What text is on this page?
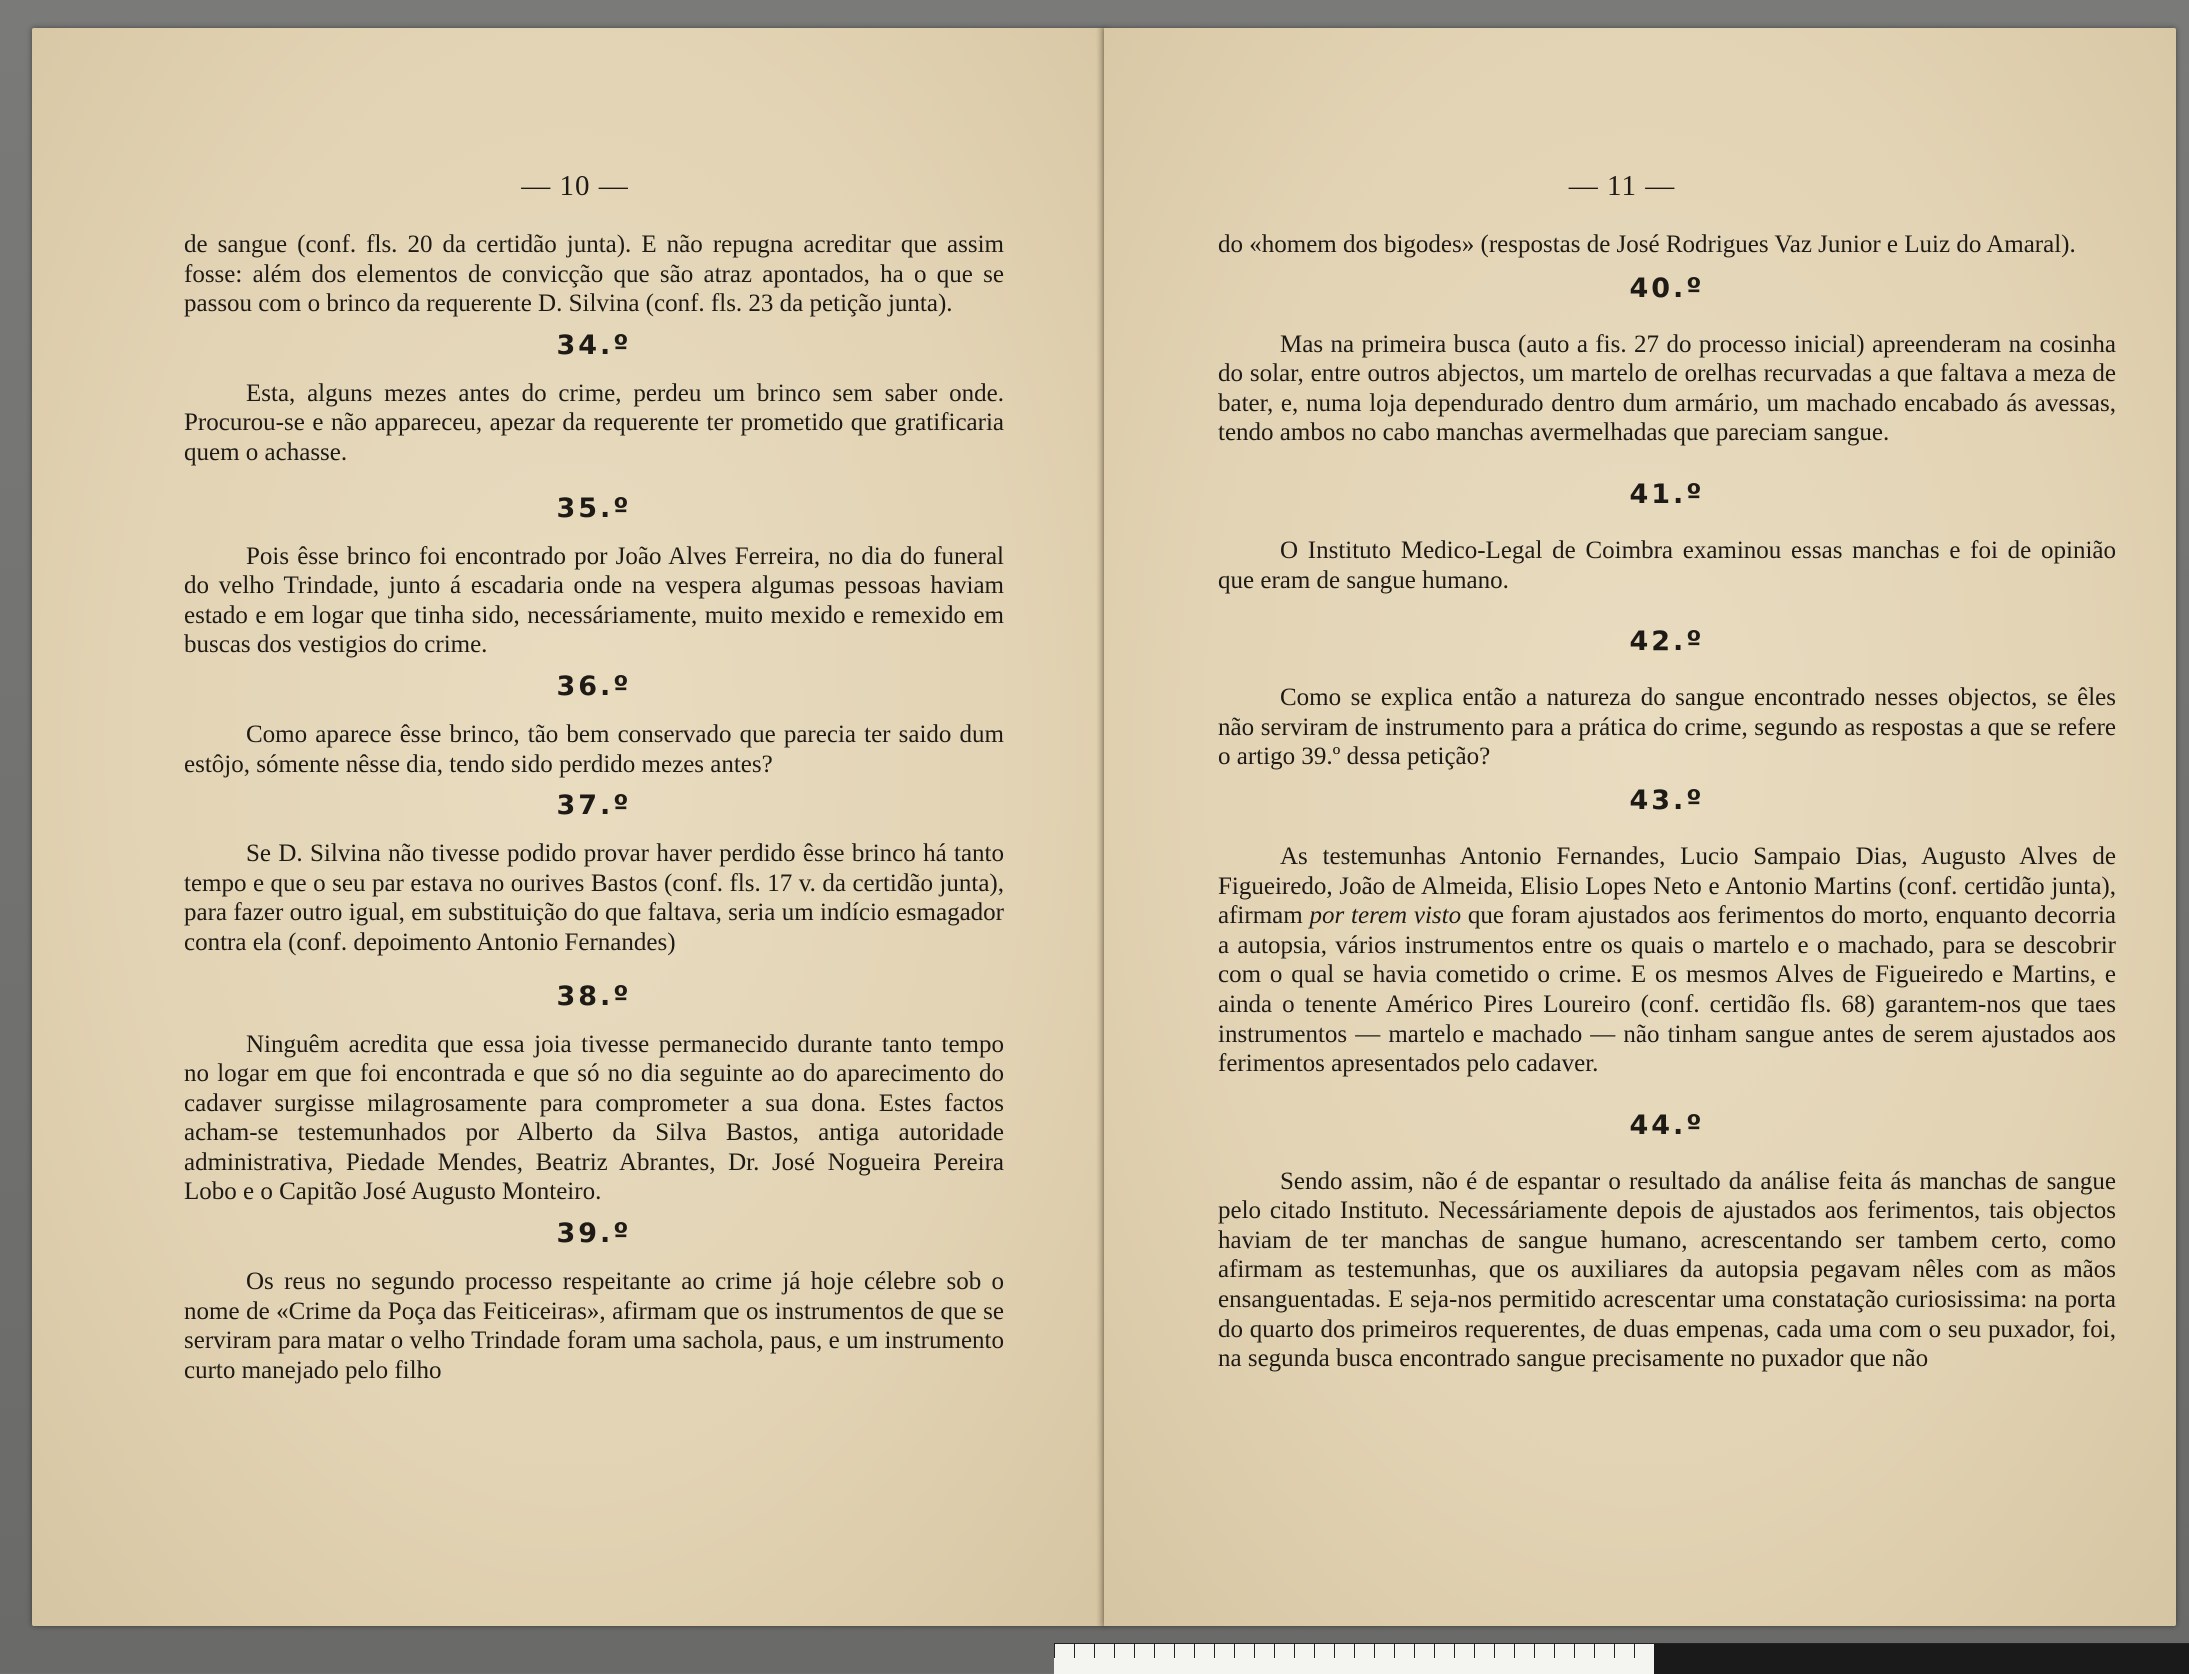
— 10 —

de sangue (conf. fls. 20 da certidão junta). E não repugna acreditar que assim fosse: além dos elementos de convicção que são atraz apontados, ha o que se passou com o brinco da requerente D. Silvina (conf. fls. 23 da petição junta).

34.º

Esta, alguns mezes antes do crime, perdeu um brinco sem saber onde. Procurou-se e não appareceu, apezar da requerente ter prometido que gratificaria quem o achasse.

35.º

Pois êsse brinco foi encontrado por João Alves Ferreira, no dia do funeral do velho Trindade, junto á escadaria onde na vespera algumas pessoas haviam estado e em logar que tinha sido, necessáriamente, muito mexido e remexido em buscas dos vestigios do crime.

36.º

Como aparece êsse brinco, tão bem conservado que parecia ter saido dum estôjo, sómente nêsse dia, tendo sido perdido mezes antes?

37.º

Se D. Silvina não tivesse podido provar haver perdido êsse brinco há tanto tempo e que o seu par estava no ourives Bastos (conf. fls. 17 v. da certidão junta), para fazer outro igual, em substituição do que faltava, seria um indício esmagador contra ela (conf. depoimento Antonio Fernandes)

38.º

Ninguêm acredita que essa joia tivesse permanecido durante tanto tempo no logar em que foi encontrada e que só no dia seguinte ao do aparecimento do cadaver surgisse milagrosamente para comprometer a sua dona. Estes factos acham-se testemunhados por Alberto da Silva Bastos, antiga autoridade administrativa, Piedade Mendes, Beatriz Abrantes, Dr. José Nogueira Pereira Lobo e o Capitão José Augusto Monteiro.

39.º

Os reus no segundo processo respeitante ao crime já hoje célebre sob o nome de «Crime da Poça das Feiticeiras», afirmam que os instrumentos de que se serviram para matar o velho Trindade foram uma sachola, paus, e um instrumento curto manejado pelo filho

— 11 —

do «homem dos bigodes» (respostas de José Rodrigues Vaz Junior e Luiz do Amaral).

40.º

Mas na primeira busca (auto a fis. 27 do processo inicial) apreenderam na cosinha do solar, entre outros abjectos, um martelo de orelhas recurvadas a que faltava a meza de bater, e, numa loja dependurado dentro dum armário, um machado encabado ás avessas, tendo ambos no cabo manchas avermelhadas que pareciam sangue.

41.º

O Instituto Medico-Legal de Coimbra examinou essas manchas e foi de opinião que eram de sangue humano.

42.º

Como se explica então a natureza do sangue encontrado nesses objectos, se êles não serviram de instrumento para a prática do crime, segundo as respostas a que se refere o artigo 39.º dessa petição?

43.º

As testemunhas Antonio Fernandes, Lucio Sampaio Dias, Augusto Alves de Figueiredo, João de Almeida, Elisio Lopes Neto e Antonio Martins (conf. certidão junta), afirmam por terem visto que foram ajustados aos ferimentos do morto, enquanto decorria a autopsia, vários instrumentos entre os quais o martelo e o machado, para se descobrir com o qual se havia cometido o crime. E os mesmos Alves de Figueiredo e Martins, e ainda o tenente Américo Pires Loureiro (conf. certidão fls. 68) garantem-nos que taes instrumentos — martelo e machado — não tinham sangue antes de serem ajustados aos ferimentos apresentados pelo cadaver.

44.º

Sendo assim, não é de espantar o resultado da análise feita ás manchas de sangue pelo citado Instituto. Necessáriamente depois de ajustados aos ferimentos, tais objectos haviam de ter manchas de sangue humano, acrescentando ser tambem certo, como afirmam as testemunhas, que os auxiliares da autopsia pegavam nêles com as mãos ensanguentadas. E seja-nos permitido acrescentar uma constatação curiosissima: na porta do quarto dos primeiros requerentes, de duas empenas, cada uma com o seu puxador, foi, na segunda busca encontrado sangue precisamente no puxador que não
